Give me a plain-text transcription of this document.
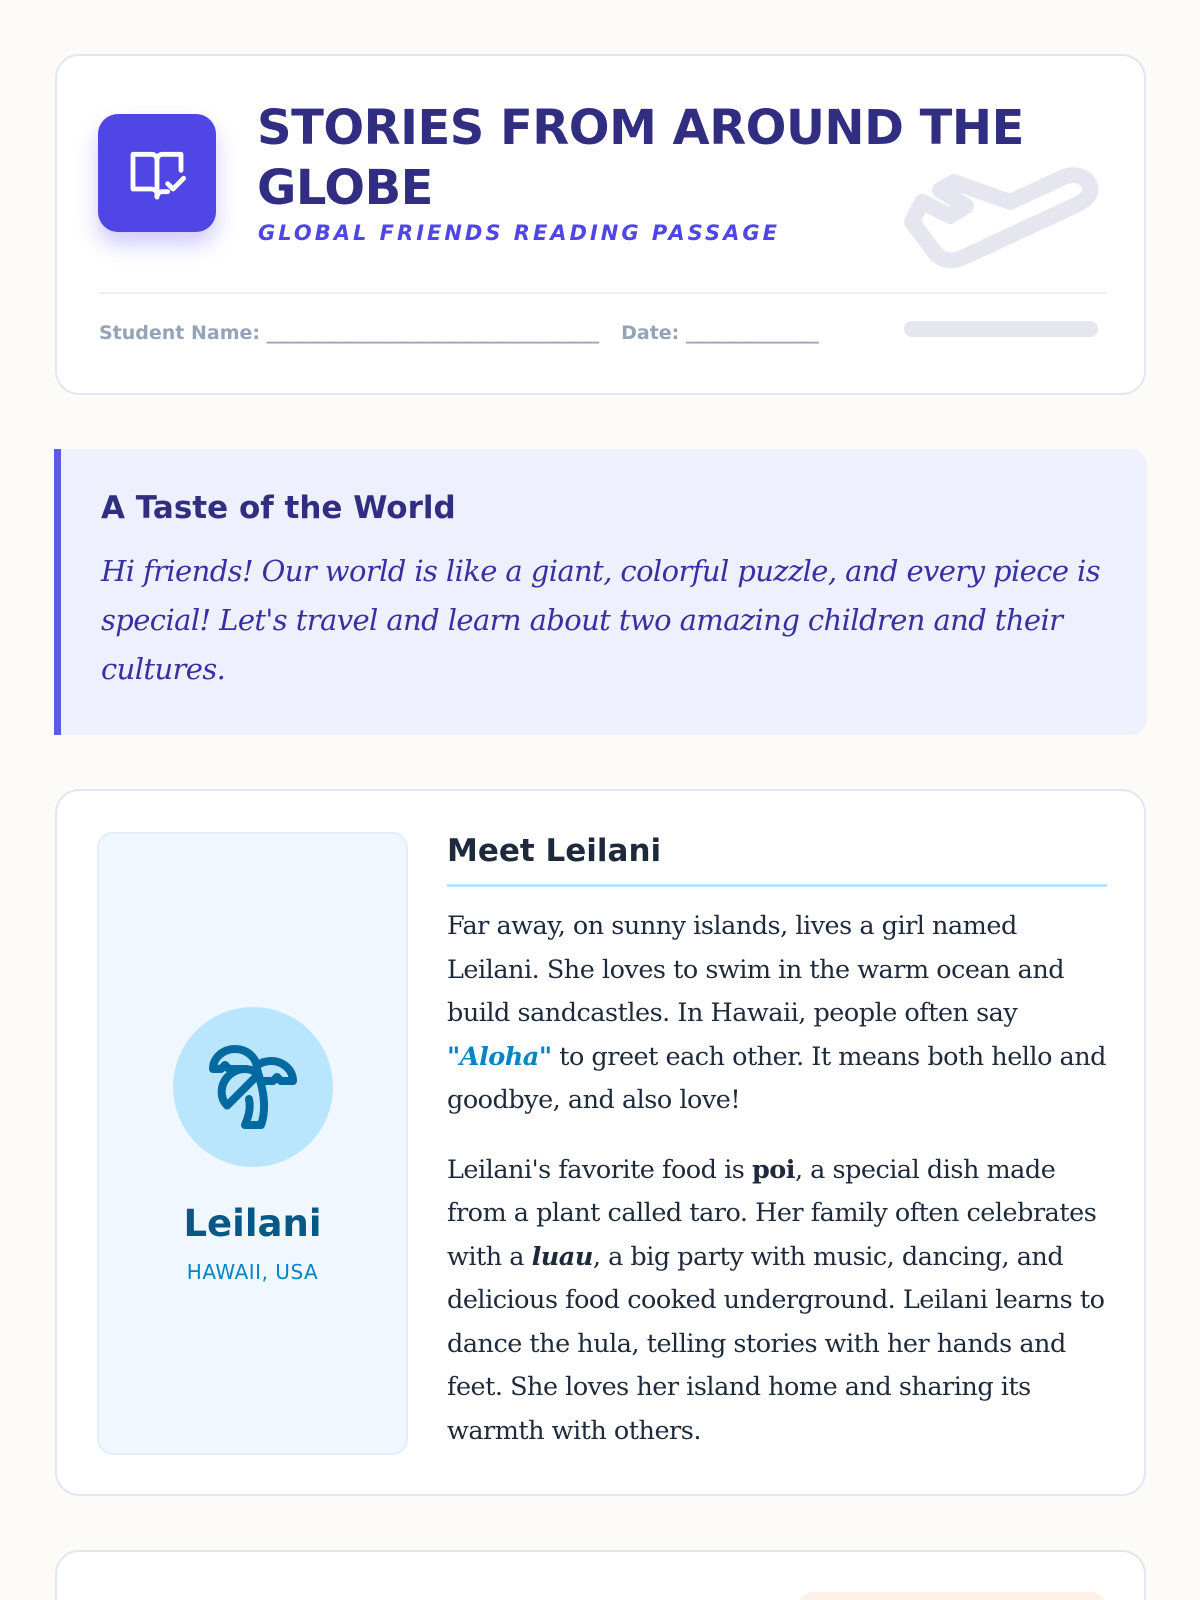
STORIES FROM AROUND THE GLOBE
GLOBAL FRIENDS READING PASSAGE
Student Name: ___________________________________ Date: ______________
A Taste of the World
Hi friends! Our world is like a giant, colorful puzzle, and every piece is special! Let's travel and learn about two amazing children and their cultures.
Leilani
HAWAII, USA
Meet Leilani

Far away, on sunny islands, lives a girl named Leilani. She loves to swim in the warm ocean and build sandcastles. In Hawaii, people often say "Aloha" to greet each other. It means both hello and goodbye, and also love!

Leilani's favorite food is poi, a special dish made from a plant called taro. Her family often celebrates with a luau, a big party with music, dancing, and delicious food cooked underground. Leilani learns to dance the hula, telling stories with her hands and feet. She loves her island home and sharing its warmth with others.
